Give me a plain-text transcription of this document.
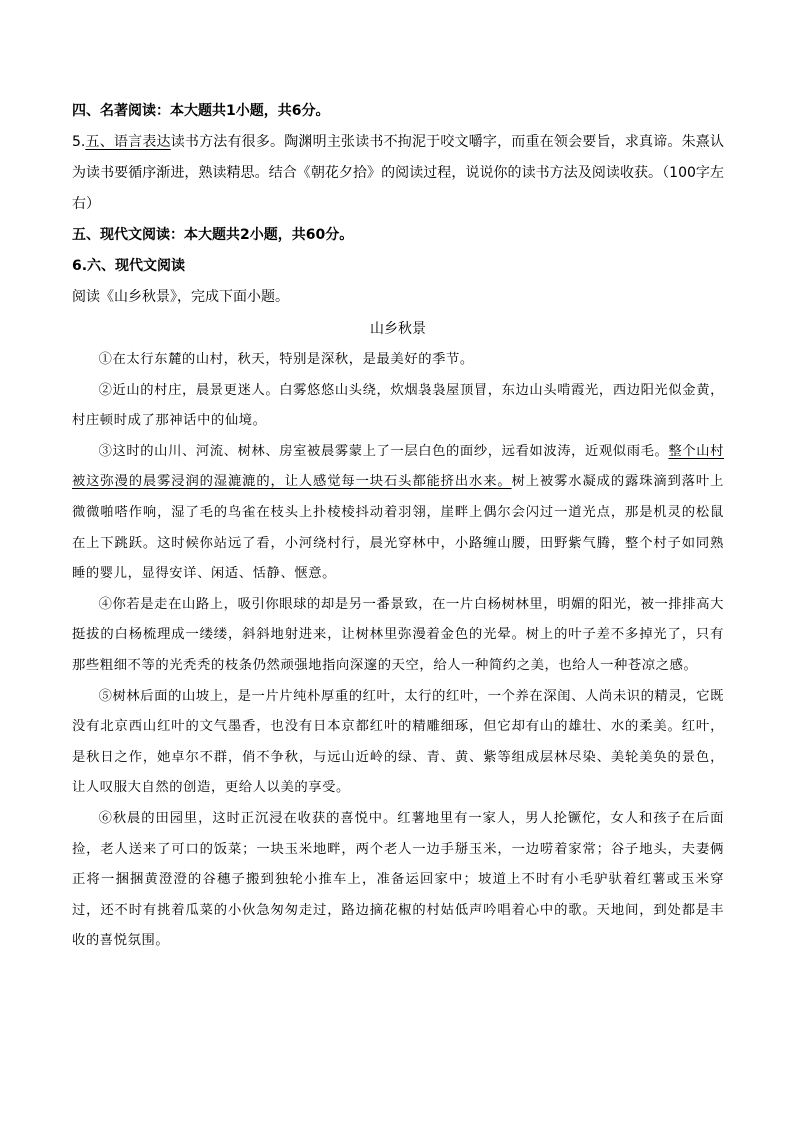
四、名著阅读：本大题共1小题，共6分。

5.五、语言表达读书方法有很多。陶渊明主张读书不拘泥于咬文嚼字，而重在领会要旨，求真谛。朱熹认为读书要循序渐进，熟读精思。结合《朝花夕拾》的阅读过程，说说你的读书方法及阅读收获。（100字左右）

五、现代文阅读：本大题共2小题，共60分。

6.六、现代文阅读

阅读《山乡秋景》，完成下面小题。

山乡秋景

①在太行东麓的山村，秋天，特别是深秋，是最美好的季节。

②近山的村庄，晨景更迷人。白雾悠悠山头绕，炊烟袅袅屋顶冒，东边山头啃霞光，西边阳光似金黄，村庄顿时成了那神话中的仙境。

③这时的山川、河流、树林、房室被晨雾蒙上了一层白色的面纱，远看如波涛，近观似雨毛。整个山村被这弥漫的晨雾浸润的湿漉漉的，让人感觉每一块石头都能挤出水来。树上被雾水凝成的露珠滴到落叶上微微啪嗒作响，湿了毛的鸟雀在枝头上扑棱棱抖动着羽翎，崖畔上偶尔会闪过一道光点，那是机灵的松鼠在上下跳跃。这时候你站远了看，小河绕村行，晨光穿林中，小路缠山腰，田野紫气腾，整个村子如同熟睡的婴儿，显得安详、闲适、恬静、惬意。

④你若是走在山路上，吸引你眼球的却是另一番景致，在一片白杨树林里，明媚的阳光，被一排排高大挺拔的白杨梳理成一缕缕，斜斜地射进来，让树林里弥漫着金色的光晕。树上的叶子差不多掉光了，只有那些粗细不等的光秃秃的枝条仍然顽强地指向深邃的天空，给人一种简约之美，也给人一种苍凉之感。

⑤树林后面的山坡上，是一片片纯朴厚重的红叶，太行的红叶，一个养在深闺、人尚未识的精灵，它既没有北京西山红叶的文气墨香，也没有日本京都红叶的精雕细琢，但它却有山的雄壮、水的柔美。红叶，是秋日之作，她卓尔不群，俏不争秋，与远山近岭的绿、青、黄、紫等组成层林尽染、美轮美奂的景色，让人叹服大自然的创造，更给人以美的享受。

⑥秋晨的田园里，这时正沉浸在收获的喜悦中。红薯地里有一家人，男人抡镢佗，女人和孩子在后面捡，老人送来了可口的饭菜；一块玉米地畔，两个老人一边手掰玉米，一边唠着家常；谷子地头，夫妻俩正将一捆捆黄澄澄的谷穗子搬到独轮小推车上，准备运回家中；坡道上不时有小毛驴驮着红薯或玉米穿过，还不时有挑着瓜菜的小伙急匆匆走过，路边摘花椒的村姑低声吟唱着心中的歌。天地间，到处都是丰收的喜悦氛围。
